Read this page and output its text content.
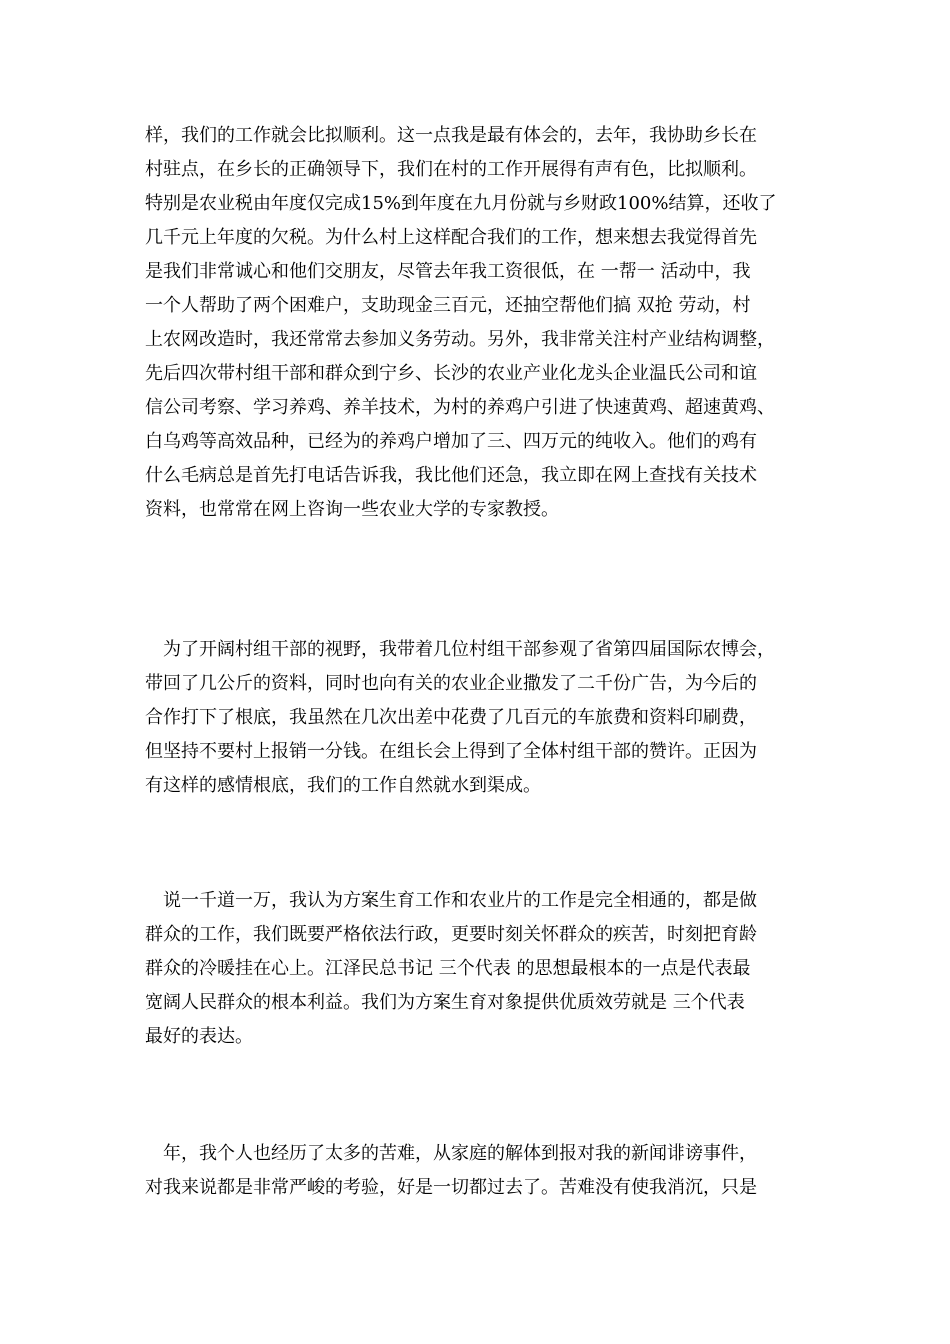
样，我们的工作就会比拟顺利。这一点我是最有体会的，去年，我协助乡长在
村驻点，在乡长的正确领导下，我们在村的工作开展得有声有色，比拟顺利。
特别是农业税由年度仅完成15%到年度在九月份就与乡财政100%结算，还收了
几千元上年度的欠税。为什么村上这样配合我们的工作，想来想去我觉得首先
是我们非常诚心和他们交朋友，尽管去年我工资很低，在 一帮一 活动中，我
一个人帮助了两个困难户，支助现金三百元，还抽空帮他们搞 双抢 劳动，村
上农网改造时，我还常常去参加义务劳动。另外，我非常关注村产业结构调整，
先后四次带村组干部和群众到宁乡、长沙的农业产业化龙头企业温氏公司和谊
信公司考察、学习养鸡、养羊技术，为村的养鸡户引进了快速黄鸡、超速黄鸡、
白乌鸡等高效品种，已经为的养鸡户增加了三、四万元的纯收入。他们的鸡有
什么毛病总是首先打电话告诉我，我比他们还急，我立即在网上查找有关技术
资料，也常常在网上咨询一些农业大学的专家教授。
　为了开阔村组干部的视野，我带着几位村组干部参观了省第四届国际农博会，
带回了几公斤的资料，同时也向有关的农业企业撒发了二千份广告，为今后的
合作打下了根底，我虽然在几次出差中花费了几百元的车旅费和资料印刷费，
但坚持不要村上报销一分钱。在组长会上得到了全体村组干部的赞许。正因为
有这样的感情根底，我们的工作自然就水到渠成。
　说一千道一万，我认为方案生育工作和农业片的工作是完全相通的，都是做
群众的工作，我们既要严格依法行政，更要时刻关怀群众的疾苦，时刻把育龄
群众的冷暖挂在心上。江泽民总书记 三个代表 的思想最根本的一点是代表最
宽阔人民群众的根本利益。我们为方案生育对象提供优质效劳就是 三个代表
最好的表达。
　年，我个人也经历了太多的苦难，从家庭的解体到报对我的新闻诽谤事件，
对我来说都是非常严峻的考验，好是一切都过去了。苦难没有使我消沉，只是
